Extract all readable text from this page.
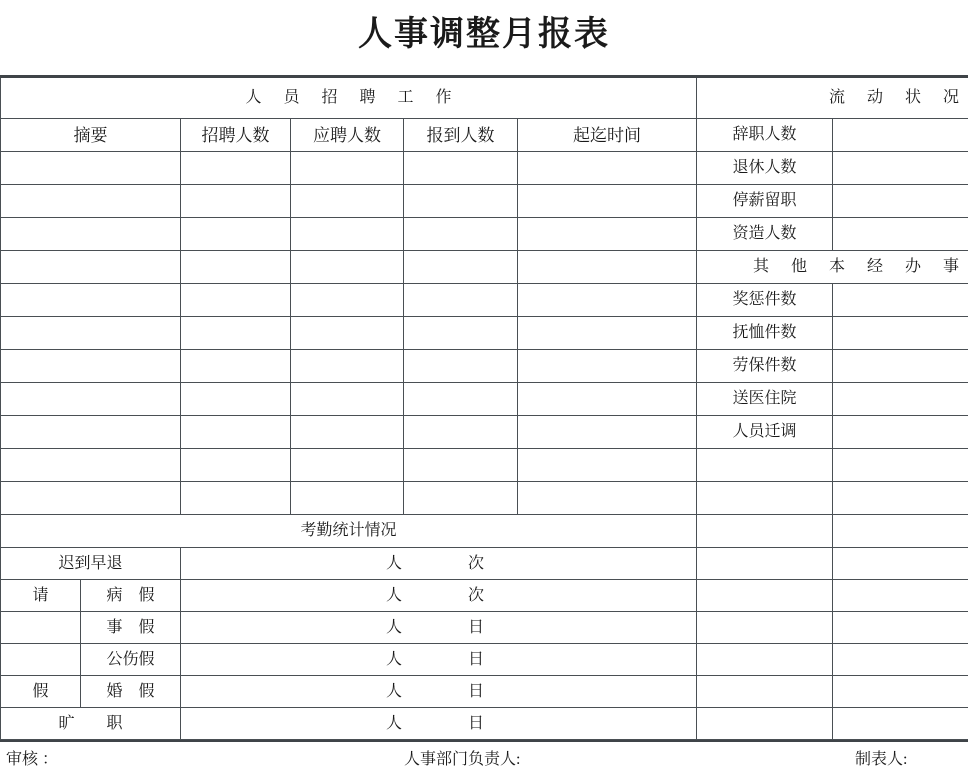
人事调整月报表
人 员 招 聘 工 作	流 动 状 况
摘要	招聘人数	应聘人数	报到人数	起迄时间	辞职人数
退休人数
停薪留职
资造人数
其 他 本 经 办 事
奖惩件数
抚恤件数
劳保件数
送医住院
人员迁调
考勤统计情况
迟到早退	人	次
请	病　假	人	次
事　假	人	日
公伤假	人	日
假	婚　假	人	日
旷　　职	人	日
审核 ：	人事部门负责人:	制表人:
